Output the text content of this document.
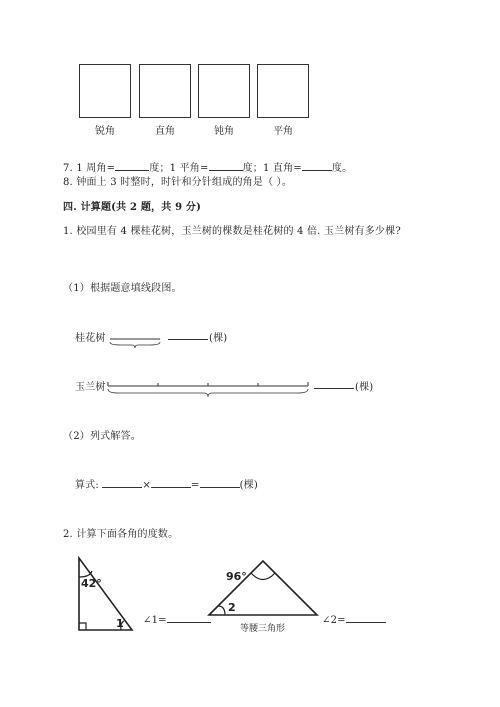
锐角	直角	钝角	平角
7. 1 周角=	度；1 平角=	度；1 直角=	度。
8. 钟面上 3 时整时，时针和分针组成的角是（ ）。
四. 计算题(共 2 题，共 9 分)
1. 校园里有 4 棵桂花树，玉兰树的棵数是桂花树的 4 倍. 玉兰树有多少棵?
（1）根据题意填线段图。
桂花树	(棵)
玉兰树	(棵)
（2）列式解答。
算式:	×	=	(棵)
2. 计算下面各角的度数。
42°
1 ∠1=
96°
2
等腰三角形
∠2=
